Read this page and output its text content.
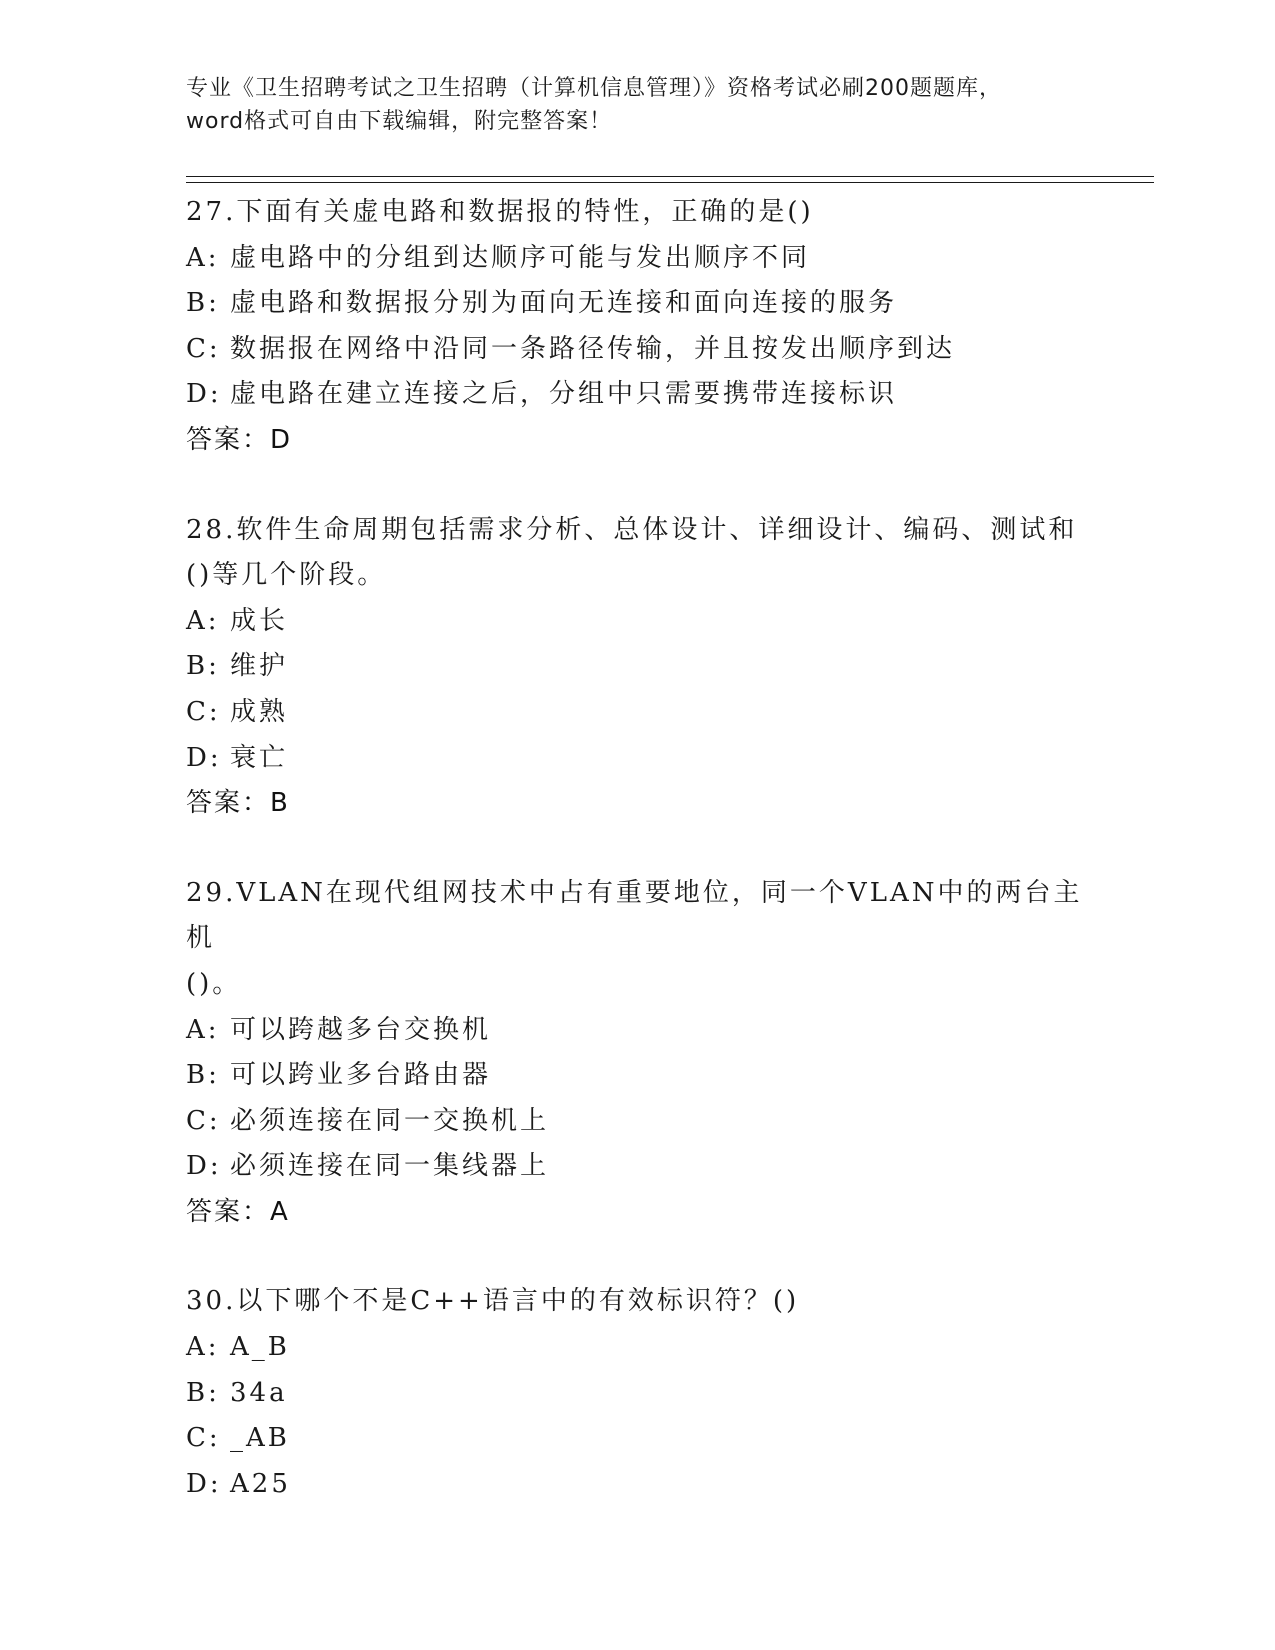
专业《卫生招聘考试之卫生招聘（计算机信息管理）》资格考试必刷200题题库，
word格式可自由下载编辑，附完整答案！
27.下面有关虚电路和数据报的特性，正确的是()
A: 虚电路中的分组到达顺序可能与发出顺序不同
B: 虚电路和数据报分别为面向无连接和面向连接的服务
C: 数据报在网络中沿同一条路径传输，并且按发出顺序到达
D: 虚电路在建立连接之后，分组中只需要携带连接标识
答案：D
28.软件生命周期包括需求分析、总体设计、详细设计、编码、测试和
()等几个阶段。
A: 成长
B: 维护
C: 成熟
D: 衰亡
答案：B
29.VLAN在现代组网技术中占有重要地位，同一个VLAN中的两台主机
()。
A: 可以跨越多台交换机
B: 可以跨业多台路由器
C: 必须连接在同一交换机上
D: 必须连接在同一集线器上
答案：A
30.以下哪个不是C++语言中的有效标识符？()
A: A_B
B: 34a
C: _AB
D: A25
